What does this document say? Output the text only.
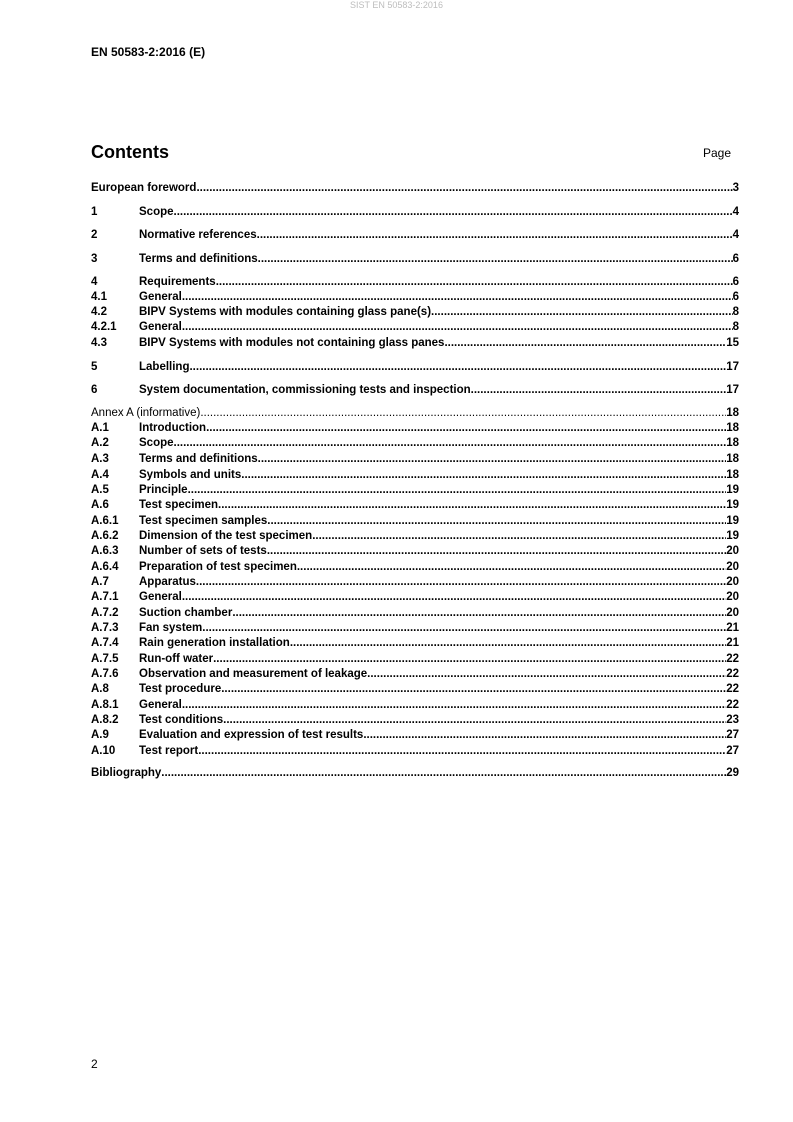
SIST EN 50583-2:2016
EN 50583-2:2016 (E)
Contents	Page
European foreword .....	3
1	Scope .....	4
2	Normative references .....	4
3	Terms and definitions .....	6
4	Requirements .....	6
4.1	General .....	6
4.2	BIPV Systems with modules containing glass pane(s) .....	8
4.2.1	General .....	8
4.3	BIPV Systems with modules not containing glass panes .....	15
5	Labelling .....	17
6	System documentation, commissioning tests and inspection .....	17
Annex A (informative) .....	18
A.1	Introduction .....	18
A.2	Scope .....	18
A.3	Terms and definitions .....	18
A.4	Symbols and units .....	18
A.5	Principle .....	19
A.6	Test specimen .....	19
A.6.1	Test specimen samples .....	19
A.6.2	Dimension of the test specimen .....	19
A.6.3	Number of sets of tests .....	20
A.6.4	Preparation of test specimen .....	20
A.7	Apparatus .....	20
A.7.1	General .....	20
A.7.2	Suction chamber .....	20
A.7.3	Fan system .....	21
A.7.4	Rain generation installation .....	21
A.7.5	Run-off water .....	22
A.7.6	Observation and measurement of leakage .....	22
A.8	Test procedure .....	22
A.8.1	General .....	22
A.8.2	Test conditions .....	23
A.9	Evaluation and expression of test results .....	27
A.10	Test report .....	27
Bibliography .....	29
2
